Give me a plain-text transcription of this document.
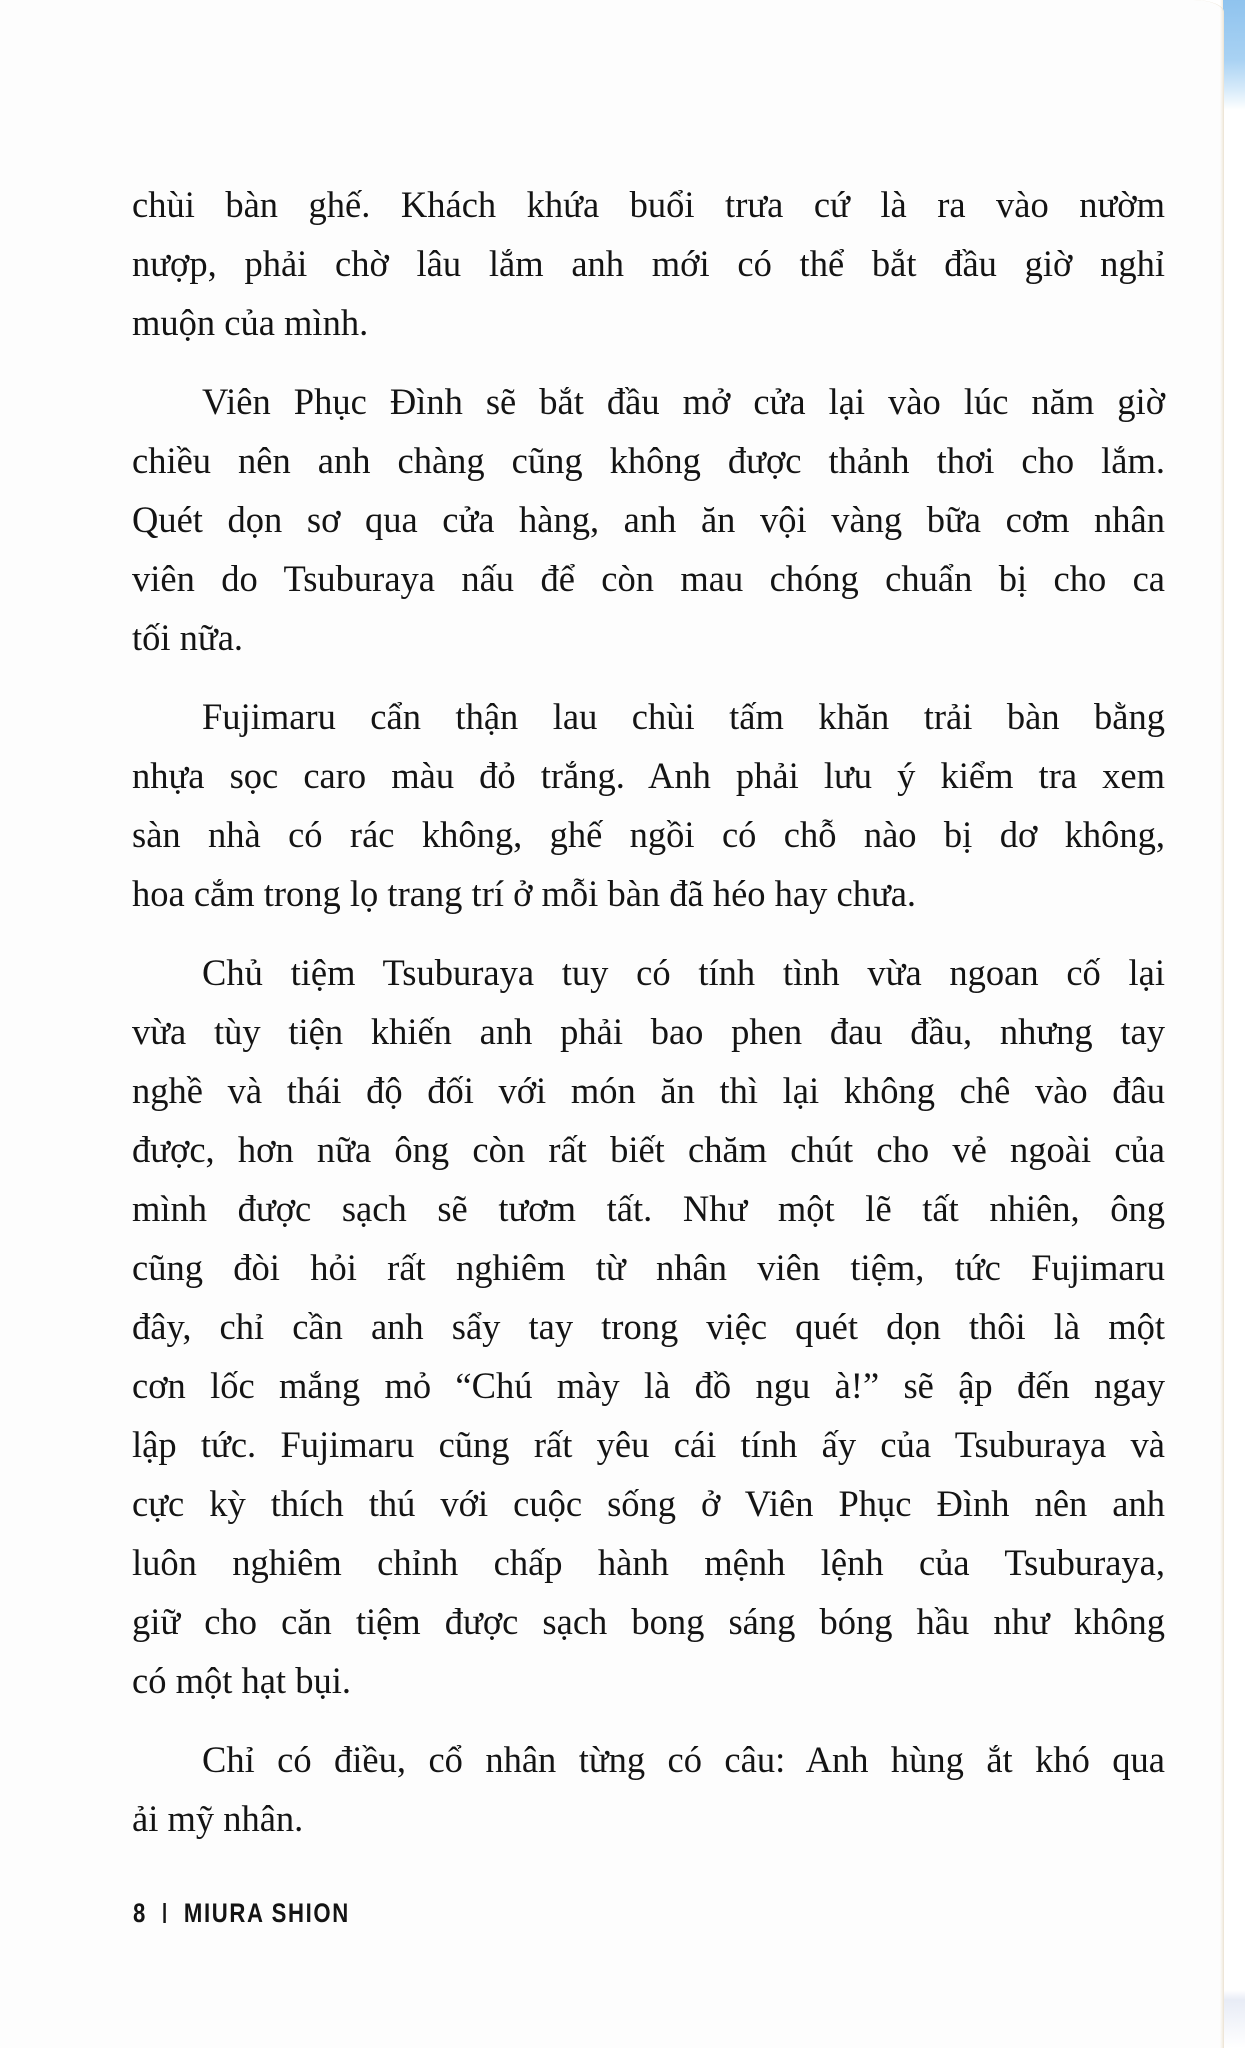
chùi bàn ghế. Khách khứa buổi trưa cứ là ra vào nườm
nượp, phải chờ lâu lắm anh mới có thể bắt đầu giờ nghỉ
muộn của mình.
Viên Phục Đình sẽ bắt đầu mở cửa lại vào lúc năm giờ
chiều nên anh chàng cũng không được thảnh thơi cho lắm.
Quét dọn sơ qua cửa hàng, anh ăn vội vàng bữa cơm nhân
viên do Tsuburaya nấu để còn mau chóng chuẩn bị cho ca
tối nữa.
Fujimaru cẩn thận lau chùi tấm khăn trải bàn bằng
nhựa sọc caro màu đỏ trắng. Anh phải lưu ý kiểm tra xem
sàn nhà có rác không, ghế ngồi có chỗ nào bị dơ không,
hoa cắm trong lọ trang trí ở mỗi bàn đã héo hay chưa.
Chủ tiệm Tsuburaya tuy có tính tình vừa ngoan cố lại
vừa tùy tiện khiến anh phải bao phen đau đầu, nhưng tay
nghề và thái độ đối với món ăn thì lại không chê vào đâu
được, hơn nữa ông còn rất biết chăm chút cho vẻ ngoài của
mình được sạch sẽ tươm tất. Như một lẽ tất nhiên, ông
cũng đòi hỏi rất nghiêm từ nhân viên tiệm, tức Fujimaru
đây, chỉ cần anh sẩy tay trong việc quét dọn thôi là một
cơn lốc mắng mỏ “Chú mày là đồ ngu à!” sẽ ập đến ngay
lập tức. Fujimaru cũng rất yêu cái tính ấy của Tsuburaya và
cực kỳ thích thú với cuộc sống ở Viên Phục Đình nên anh
luôn nghiêm chỉnh chấp hành mệnh lệnh của Tsuburaya,
giữ cho căn tiệm được sạch bong sáng bóng hầu như không
có một hạt bụi.
Chỉ có điều, cổ nhân từng có câu: Anh hùng ắt khó qua
ải mỹ nhân.
8 MIURA SHION
